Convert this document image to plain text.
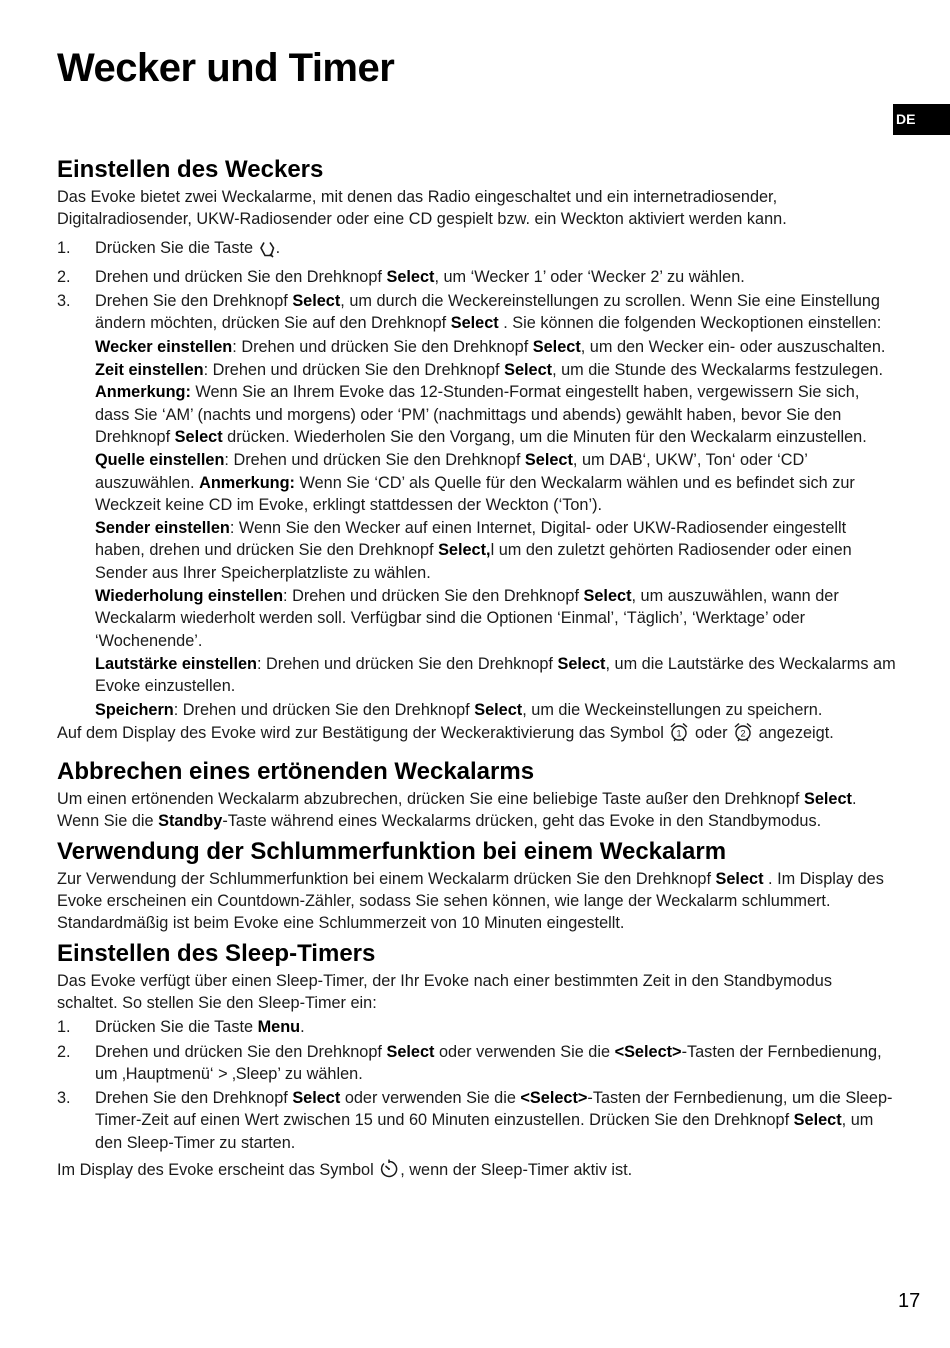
Wecker und Timer
DE
Einstellen des Weckers

Das Evoke bietet zwei Weckalarme, mit denen das Radio eingeschaltet und ein internetradiosender, Digitalradiosender, UKW-Radiosender oder eine CD gespielt bzw. ein Weckton aktiviert werden kann.

1. Drücken Sie die Taste .
2. Drehen und drücken Sie den Drehknopf Select, um ‘Wecker 1’ oder ‘Wecker 2’ zu wählen.
3. Drehen Sie den Drehknopf Select, um durch die Weckereinstellungen zu scrollen. Wenn Sie eine Einstellung ändern möchten, drücken Sie auf den Drehknopf Select . Sie können die folgenden Weckoptionen einstellen:
Wecker einstellen: Drehen und drücken Sie den Drehknopf Select, um den Wecker ein- oder auszuschalten.
Zeit einstellen: Drehen und drücken Sie den Drehknopf Select, um die Stunde des Weckalarms festzulegen. Anmerkung: Wenn Sie an Ihrem Evoke das 12-Stunden-Format eingestellt haben, vergewissern Sie sich, dass Sie ‘AM’ (nachts und morgens) oder ‘PM’ (nachmittags und abends) gewählt haben, bevor Sie den Drehknopf Select drücken. Wiederholen Sie den Vorgang, um die Minuten für den Weckalarm einzustellen.
Quelle einstellen: Drehen und drücken Sie den Drehknopf Select, um DAB‘, UKW’, Ton‘ oder ‘CD’ auszuwählen. Anmerkung: Wenn Sie ‘CD’ als Quelle für den Weckalarm wählen und es befindet sich zur Weckzeit keine CD im Evoke, erklingt stattdessen der Weckton (‘Ton’).
Sender einstellen: Wenn Sie den Wecker auf einen Internet, Digital- oder UKW-Radiosender eingestellt haben, drehen und drücken Sie den Drehknopf Select,l um den zuletzt gehörten Radiosender oder einen Sender aus Ihrer Speicherplatzliste zu wählen.
Wiederholung einstellen: Drehen und drücken Sie den Drehknopf Select, um auszuwählen, wann der Weckalarm wiederholt werden soll. Verfügbar sind die Optionen ‘Einmal’, ‘Täglich’, ‘Werktage’ oder ‘Wochenende’.
Lautstärke einstellen: Drehen und drücken Sie den Drehknopf Select, um die Lautstärke des Weckalarms am Evoke einzustellen.
Speichern: Drehen und drücken Sie den Drehknopf Select, um die Weckeinstellungen zu speichern.

Auf dem Display des Evoke wird zur Bestätigung der Weckeraktivierung das Symbol 1 oder 2 angezeigt.

Abbrechen eines ertönenden Weckalarms

Um einen ertönenden Weckalarm abzubrechen, drücken Sie eine beliebige Taste außer den Drehknopf Select. Wenn Sie die Standby-Taste während eines Weckalarms drücken, geht das Evoke in den Standbymodus.

Verwendung der Schlummerfunktion bei einem Weckalarm

Zur Verwendung der Schlummerfunktion bei einem Weckalarm drücken Sie den Drehknopf Select . Im Display des Evoke erscheinen ein Countdown-Zähler, sodass Sie sehen können, wie lange der Weckalarm schlummert. Standardmäßig ist beim Evoke eine Schlummerzeit von 10 Minuten eingestellt.

Einstellen des Sleep-Timers

Das Evoke verfügt über einen Sleep-Timer, der Ihr Evoke nach einer bestimmten Zeit in den Standbymodus schaltet. So stellen Sie den Sleep-Timer ein:

1. Drücken Sie die Taste Menu.
2. Drehen und drücken Sie den Drehknopf Select oder verwenden Sie die <Select>-Tasten der Fernbedienung, um ‚Hauptmenü‘ > ‚Sleep’ zu wählen.
3. Drehen Sie den Drehknopf Select oder verwenden Sie die <Select>-Tasten der Fernbedienung, um die Sleep-Timer-Zeit auf einen Wert zwischen 15 und 60 Minuten einzustellen. Drücken Sie den Drehknopf Select, um den Sleep-Timer zu starten.

Im Display des Evoke erscheint das Symbol , wenn der Sleep-Timer aktiv ist.

17
